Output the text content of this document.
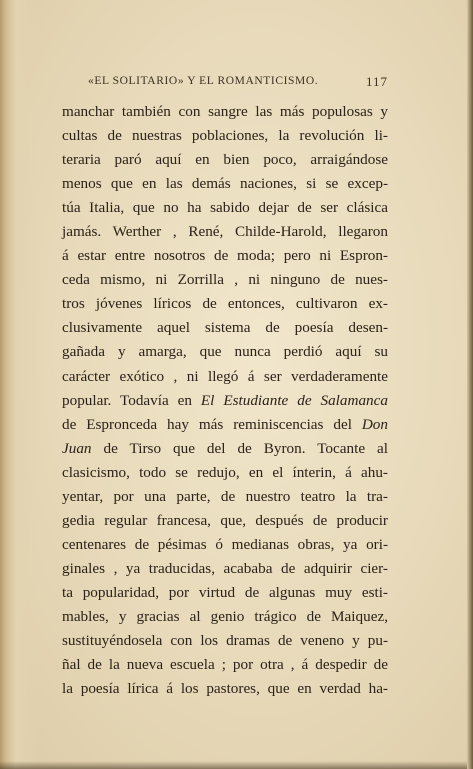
«EL SOLITARIO» Y EL ROMANTICISMO.	117
manchar también con sangre las más populosas y
cultas de nuestras poblaciones, la revolución li-
teraria paró aquí en bien poco, arraigándose
menos que en las demás naciones, si se excep-
túa Italia, que no ha sabido dejar de ser clásica
jamás. Werther , René, Childe-Harold, llegaron
á estar entre nosotros de moda; pero ni Espron-
ceda mismo, ni Zorrilla , ni ninguno de nues-
tros jóvenes líricos de entonces, cultivaron ex-
clusivamente aquel sistema de poesía desen-
gañada y amarga, que nunca perdió aquí su
carácter exótico , ni llegó á ser verdaderamente
popular. Todavía en El Estudiante de Salamanca
de Espronceda hay más reminiscencias del Don
Juan de Tirso que del de Byron. Tocante al
clasicismo, todo se redujo, en el ínterin, á ahu-
yentar, por una parte, de nuestro teatro la tra-
gedia regular francesa, que, después de producir
centenares de pésimas ó medianas obras, ya ori-
ginales , ya traducidas, acababa de adquirir cier-
ta popularidad, por virtud de algunas muy esti-
mables, y gracias al genio trágico de Maiquez,
sustituyéndosela con los dramas de veneno y pu-
ñal de la nueva escuela ; por otra , á despedir de
la poesía lírica á los pastores, que en verdad ha-
